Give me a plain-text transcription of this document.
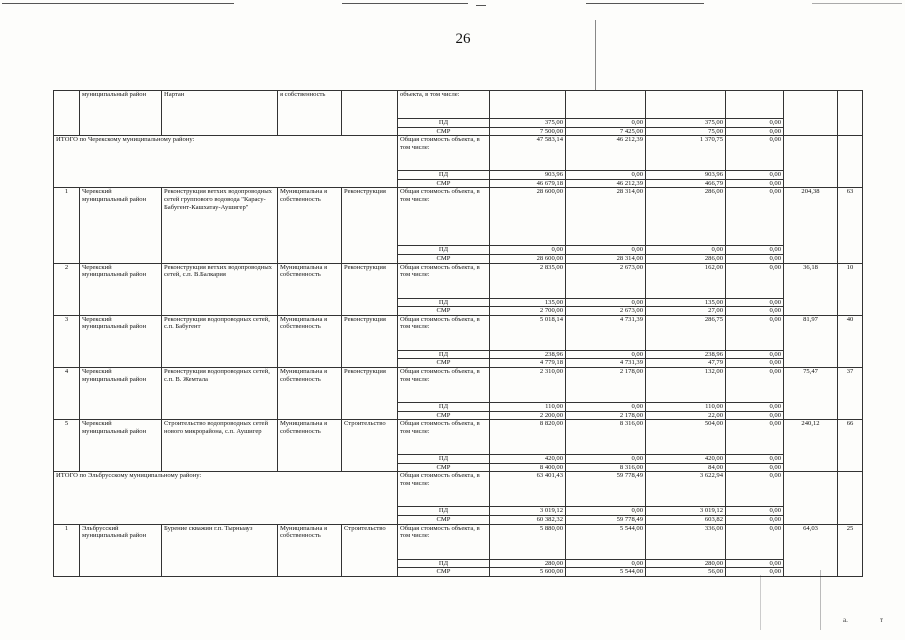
26
	муниципальный район	Нартан	я собственность		объекта, в том числе:						
					ПД	375,00	0,00	375,00	0,00		
					СМР	7 500,00	7 425,00	75,00	0,00		
ИТОГО по Черекскому муниципальному району:					Общая стоимость объекта, в том числе:	47 583,14	46 212,39	1 370,75	0,00		
					ПД	903,96	0,00	903,96	0,00		
					СМР	46 679,18	46 212,39	466,79	0,00		
1	Черекский муниципальный район	Реконструкция ветхих водопроводных сетей группового водовода "Карасу-Бабугент-Кашхатау-Аушигер"	Муниципальна я собственность	Реконструкция	Общая стоимость объекта, в том числе:	28 600,00	28 314,00	286,00	0,00	204,38	63
					ПД	0,00	0,00	0,00	0,00		
					СМР	28 600,00	28 314,00	286,00	0,00		
2	Черекский муниципальный район	Реконструкция ветхих водопроводных сетей, с.п. В.Балкария	Муниципальна я собственность	Реконструкция	Общая стоимость объекта, в том числе:	2 835,00	2 673,00	162,00	0,00	36,18	10
					ПД	135,00	0,00	135,00	0,00		
					СМР	2 700,00	2 673,00	27,00	0,00		
3	Черекский муниципальный район	Реконструкция водопроводных сетей, с.п. Бабугент	Муниципальна я собственность	Реконструкция	Общая стоимость объекта, в том числе:	5 018,14	4 731,39	286,75	0,00	81,97	40
					ПД	238,96	0,00	238,96	0,00		
					СМР	4 779,18	4 731,39	47,79	0,00		
4	Черекский муниципальный район	Реконструкция водопроводных сетей, с.п. В. Жемтала	Муниципальна я собственность	Реконструкция	Общая стоимость объекта, в том числе:	2 310,00	2 178,00	132,00	0,00	75,47	37
					ПД	110,00	0,00	110,00	0,00		
					СМР	2 200,00	2 178,00	22,00	0,00		
5	Черекский муниципальный район	Строительство водопроводных сетей нового микрорайона, с.п. Аушигер	Муниципальна я собственность	Строительство	Общая стоимость объекта, в том числе:	8 820,00	8 316,00	504,00	0,00	240,12	66
					ПД	420,00	0,00	420,00	0,00		
					СМР	8 400,00	8 316,00	84,00	0,00		
ИТОГО по Эльбрусскому муниципальному району:					Общая стоимость объекта, в том числе:	63 401,43	59 778,49	3 622,94	0,00		
					ПД	3 019,12	0,00	3 019,12	0,00		
					СМР	60 382,32	59 778,49	603,82	0,00		
1	Эльбрусский муниципальный район	Бурение скважин г.п. Тырныауз	Муниципальна я собственность	Строительство	Общая стоимость объекта, в том числе:	5 880,00	5 544,00	336,00	0,00	64,03	25
					ПД	280,00	0,00	280,00	0,00		
					СМР	5 600,00	5 544,00	56,00	0,00		
а.	т
